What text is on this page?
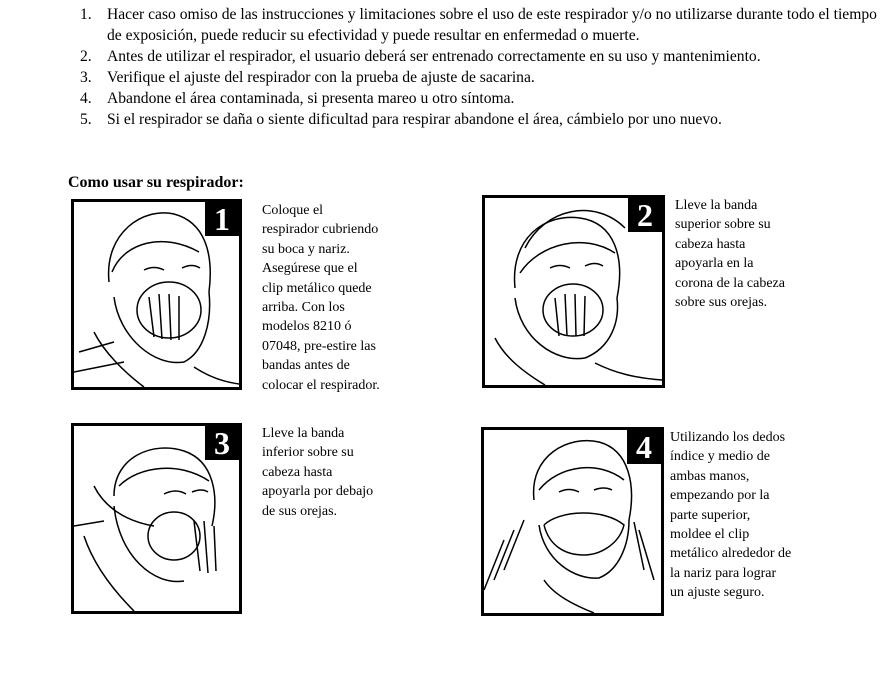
1. Hacer caso omiso de las instrucciones y limitaciones sobre el uso de este respirador y/o no utilizarse durante todo el tiempo de exposición, puede reducir su efectividad y puede resultar en enfermedad o muerte.
2. Antes de utilizar el respirador, el usuario deberá ser entrenado correctamente en su uso y mantenimiento.
3. Verifique el ajuste del respirador con la prueba de ajuste de sacarina.
4. Abandone el área contaminada, si presenta mareo u otro síntoma.
5. Si el respirador se daña o siente dificultad para respirar abandone el área, cámbielo por uno nuevo.
Como usar su respirador:
1	Coloque el
respirador cubriendo
su boca y nariz.
Asegúrese que el
clip metálico quede
arriba. Con los
modelos 8210 ó
07048, pre-estire las
bandas antes de
colocar el respirador.
2	Lleve la banda
superior sobre su
cabeza hasta
apoyarla en la
corona de la cabeza
sobre sus orejas.
3	Lleve la banda
inferior sobre su
cabeza hasta
apoyarla por debajo
de sus orejas.
4	Utilizando los dedos
índice y medio de
ambas manos,
empezando por la
parte superior,
moldee el clip
metálico alrededor de
la nariz para lograr
un ajuste seguro.
